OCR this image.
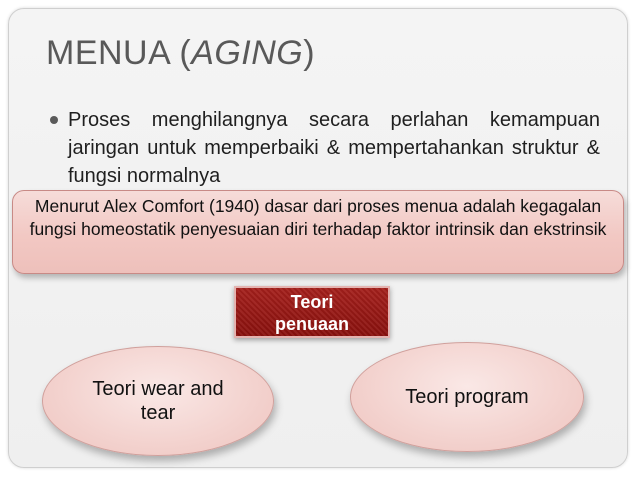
MENUA (AGING)
Proses menghilangnya secara perlahan kemampuan jaringan untuk memperbaiki & mempertahankan struktur & fungsi normalnya
Menurut Alex Comfort (1940) dasar dari proses menua adalah kegagalan fungsi homeostatik penyesuaian diri terhadap faktor intrinsik dan ekstrinsik
Teori
penuaan
Teori wear and tear
Teori program
